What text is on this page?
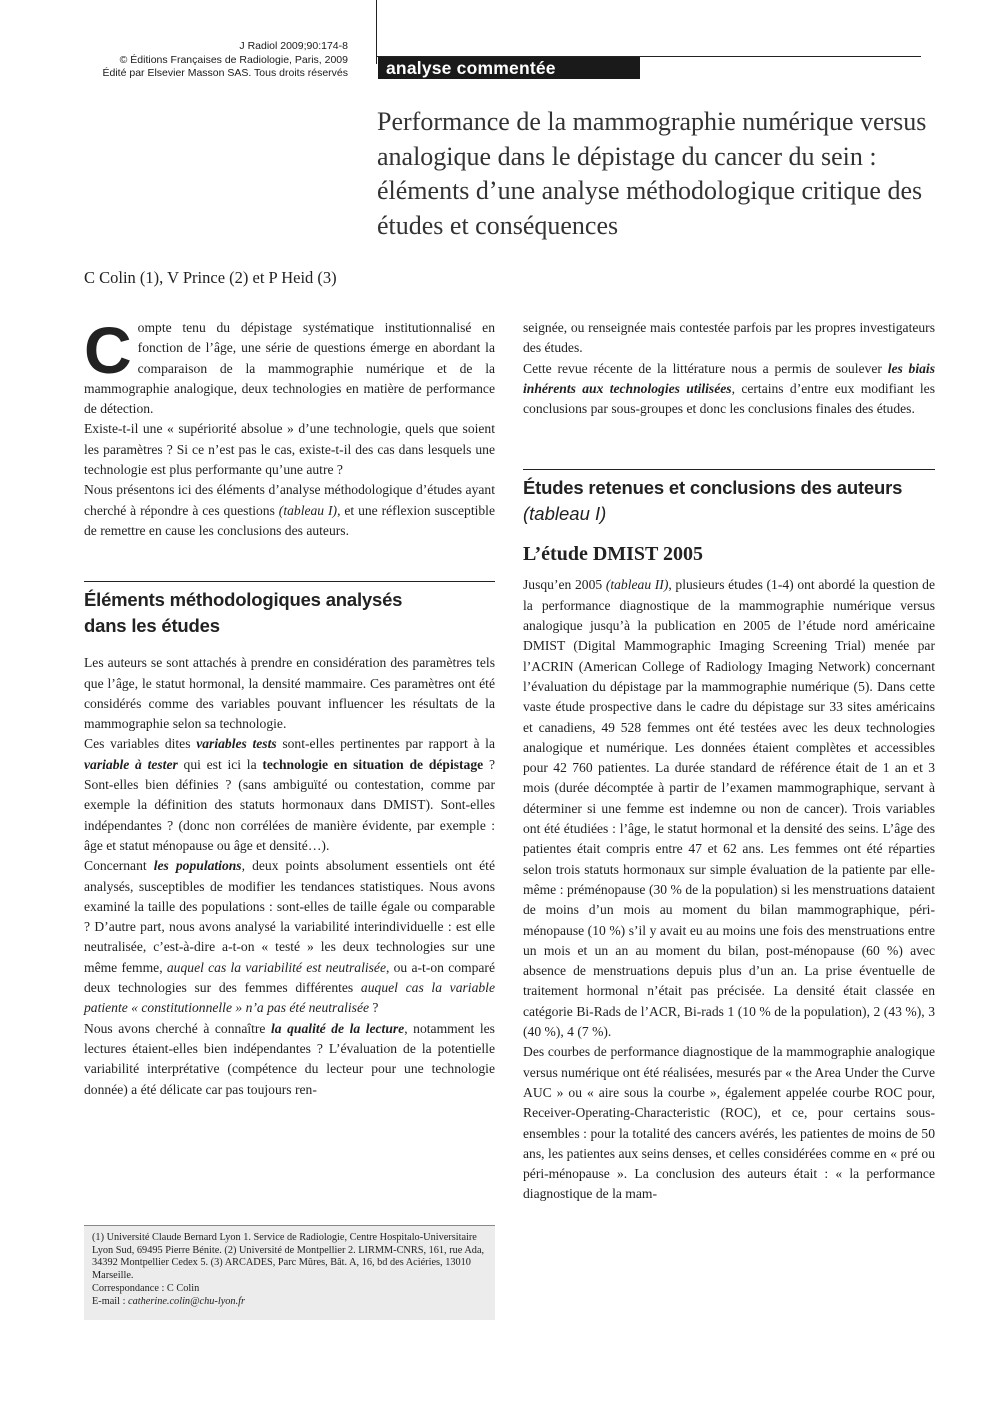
J Radiol 2009;90:174-8
© Éditions Françaises de Radiologie, Paris, 2009
Édité par Elsevier Masson SAS. Tous droits réservés	analyse commentée
Performance de la mammographie numérique versus analogique dans le dépistage du cancer du sein : éléments d’une analyse méthodologique critique des études et conséquences
C Colin (1), V Prince (2) et P Heid (3)

Compte tenu du dépistage systématique institutionnalisé en fonction de l’âge, une série de questions émerge en abordant la comparaison de la mammographie numérique et de la mammographie analogique, deux technologies en matière de performance de détection.

Existe-t-il une « supériorité absolue » d’une technologie, quels que soient les paramètres ? Si ce n’est pas le cas, existe-t-il des cas dans lesquels une technologie est plus performante qu’une autre ?

Nous présentons ici des éléments d’analyse méthodologique d’études ayant cherché à répondre à ces questions (tableau I), et une réflexion susceptible de remettre en cause les conclusions des auteurs.

Éléments méthodologiques analysés
dans les études

Les auteurs se sont attachés à prendre en considération des paramètres tels que l’âge, le statut hormonal, la densité mammaire. Ces paramètres ont été considérés comme des variables pouvant influencer les résultats de la mammographie selon sa technologie.

Ces variables dites variables tests sont-elles pertinentes par rapport à la variable à tester qui est ici la technologie en situation de dépistage ? Sont-elles bien définies ? (sans ambiguïté ou contestation, comme par exemple la définition des statuts hormonaux dans DMIST). Sont-elles indépendantes ? (donc non corrélées de manière évidente, par exemple : âge et statut ménopause ou âge et densité…).

Concernant les populations, deux points absolument essentiels ont été analysés, susceptibles de modifier les tendances statistiques. Nous avons examiné la taille des populations : sont-elles de taille égale ou comparable ? D’autre part, nous avons analysé la variabilité interindividuelle : est elle neutralisée, c’est-à-dire a-t-on « testé » les deux technologies sur une même femme, auquel cas la variabilité est neutralisée, ou a-t-on comparé deux technologies sur des femmes différentes auquel cas la variable patiente « constitutionnelle » n’a pas été neutralisée ?

Nous avons cherché à connaître la qualité de la lecture, notamment les lectures étaient-elles bien indépendantes ? L’évaluation de la potentielle variabilité interprétative (compétence du lecteur pour une technologie donnée) a été délicate car pas toujours ren-

(1) Université Claude Bernard Lyon 1. Service de Radiologie, Centre Hospitalo-Universitaire Lyon Sud, 69495 Pierre Bénite. (2) Université de Montpellier 2. LIRMM-CNRS, 161, rue Ada, 34392 Montpellier Cedex 5. (3) ARCADES, Parc Mûres, Bât. A, 16, bd des Aciéries, 13010 Marseille.

Correspondance : C Colin

E-mail : catherine.colin@chu-lyon.fr

seignée, ou renseignée mais contestée parfois par les propres investigateurs des études.

Cette revue récente de la littérature nous a permis de soulever les biais inhérents aux technologies utilisées, certains d’entre eux modifiant les conclusions par sous-groupes et donc les conclusions finales des études.

Études retenues et conclusions des auteurs
(tableau I)
L’étude DMIST 2005

Jusqu’en 2005 (tableau II), plusieurs études (1-4) ont abordé la question de la performance diagnostique de la mammographie numérique versus analogique jusqu’à la publication en 2005 de l’étude nord américaine DMIST (Digital Mammographic Imaging Screening Trial) menée par l’ACRIN (American College of Radiology Imaging Network) concernant l’évaluation du dépistage par la mammographie numérique (5). Dans cette vaste étude prospective dans le cadre du dépistage sur 33 sites américains et canadiens, 49 528 femmes ont été testées avec les deux technologies analogique et numérique. Les données étaient complètes et accessibles pour 42 760 patientes. La durée standard de référence était de 1 an et 3 mois (durée décomptée à partir de l’examen mammographique, servant à déterminer si une femme est indemne ou non de cancer). Trois variables ont été étudiées : l’âge, le statut hormonal et la densité des seins. L’âge des patientes était compris entre 47 et 62 ans. Les femmes ont été réparties selon trois statuts hormonaux sur simple évaluation de la patiente par elle-même : préménopause (30 % de la population) si les menstruations dataient de moins d’un mois au moment du bilan mammographique, péri-ménopause (10 %) s’il y avait eu au moins une fois des menstruations entre un mois et un an au moment du bilan, post-ménopause (60 %) avec absence de menstruations depuis plus d’un an. La prise éventuelle de traitement hormonal n’était pas précisée. La densité était classée en catégorie Bi-Rads de l’ACR, Bi-rads 1 (10 % de la population), 2 (43 %), 3 (40 %), 4 (7 %).

Des courbes de performance diagnostique de la mammographie analogique versus numérique ont été réalisées, mesurés par « the Area Under the Curve AUC » ou « aire sous la courbe », également appelée courbe ROC pour, Receiver-Operating-Characteristic (ROC), et ce, pour certains sous-ensembles : pour la totalité des cancers avérés, les patientes de moins de 50 ans, les patientes aux seins denses, et celles considérées comme en « pré ou péri-ménopause ». La conclusion des auteurs était : « la performance diagnostique de la mam-
